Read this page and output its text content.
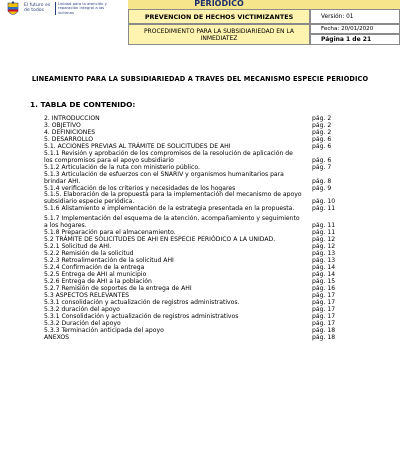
El futuro es de todos
Unidad para la atención y reparación integral a las víctimas
PERIODICO
PREVENCION DE HECHOS VICTIMIZANTES
PROCEDIMIENTO PARA LA SUBSIDIARIEDAD EN LA INMEDIATEZ
Versión: 01
Fecha: 20/01/2020
Página 1 de 21
LINEAMIENTO PARA LA SUBSIDIARIEDAD A TRAVES DEL MECANISMO ESPECIE PERIODICO
1. TABLA DE CONTENIDO:
2. INTRODUCCION	pág. 2
3. OBJETIVO	pág. 2
4. DEFINICIONES	pág. 2
5. DESARROLLO	pág. 6
5.1. ACCIONES PREVIAS AL TRÁMITE DE SOLICITUDES DE AHI	pág. 6
5.1.1 Revisión y aprobación de los compromisos de la resolución de aplicación de los compromisos para el apoyo subsidiario	pág. 6
5.1.2 Articulación de la ruta con ministerio público.	pág. 7
5.1.3 Articulación de esfuerzos con el SNARIV y organismos humanitarios para brindar AHI.	pág. 8
5.1.4 verificación de los criterios y necesidades de los hogares	pág. 9
5.1.5. Elaboración de la propuesta para la implementación del mecanismo de apoyo subsidiario especie periódica.	pág. 10
5.1.6 Alistamiento e implementación de la estrategia presentada en la propuesta.	pág. 11
5.1.7 Implementación del esquema de la atención, acompañamiento y seguimiento a los hogares.	pág. 11
5.1.8 Preparación para el almacenamiento.	pág. 11
5.2 TRÁMITE DE SOLICITUDES DE AHI EN ESPECIE PERIÓDICO A LA UNIDAD.	pág. 12
5.2.1 Solicitud de AHI.	pág. 12
5.2.2 Remisión de la solicitud	pág. 13
5.2.3 Retroalimentación de la solicitud AHI	pág. 13
5.2.4 Confirmación de la entrega	pág. 14
5.2.5 Entrega de AHI al municipio	pág. 14
5.2.6 Entrega de AHI a la población	pág. 15
5.2.7 Remisión de soportes de la entrega de AHI	pág. 16
5.3 ASPECTOS RELEVANTES	pág. 17
5.3.1 consolidación y actualización de registros administrativos.	pág. 17
5.3.2 duración del apoyo	pág. 17
5.3.1 Consolidación y actualización de registros administrativos	pág. 17
5.3.2 Duración del apoyo	pág. 17
5.3.3 Terminación anticipada del apoyo	pág. 18
ANEXOS	pág. 18
